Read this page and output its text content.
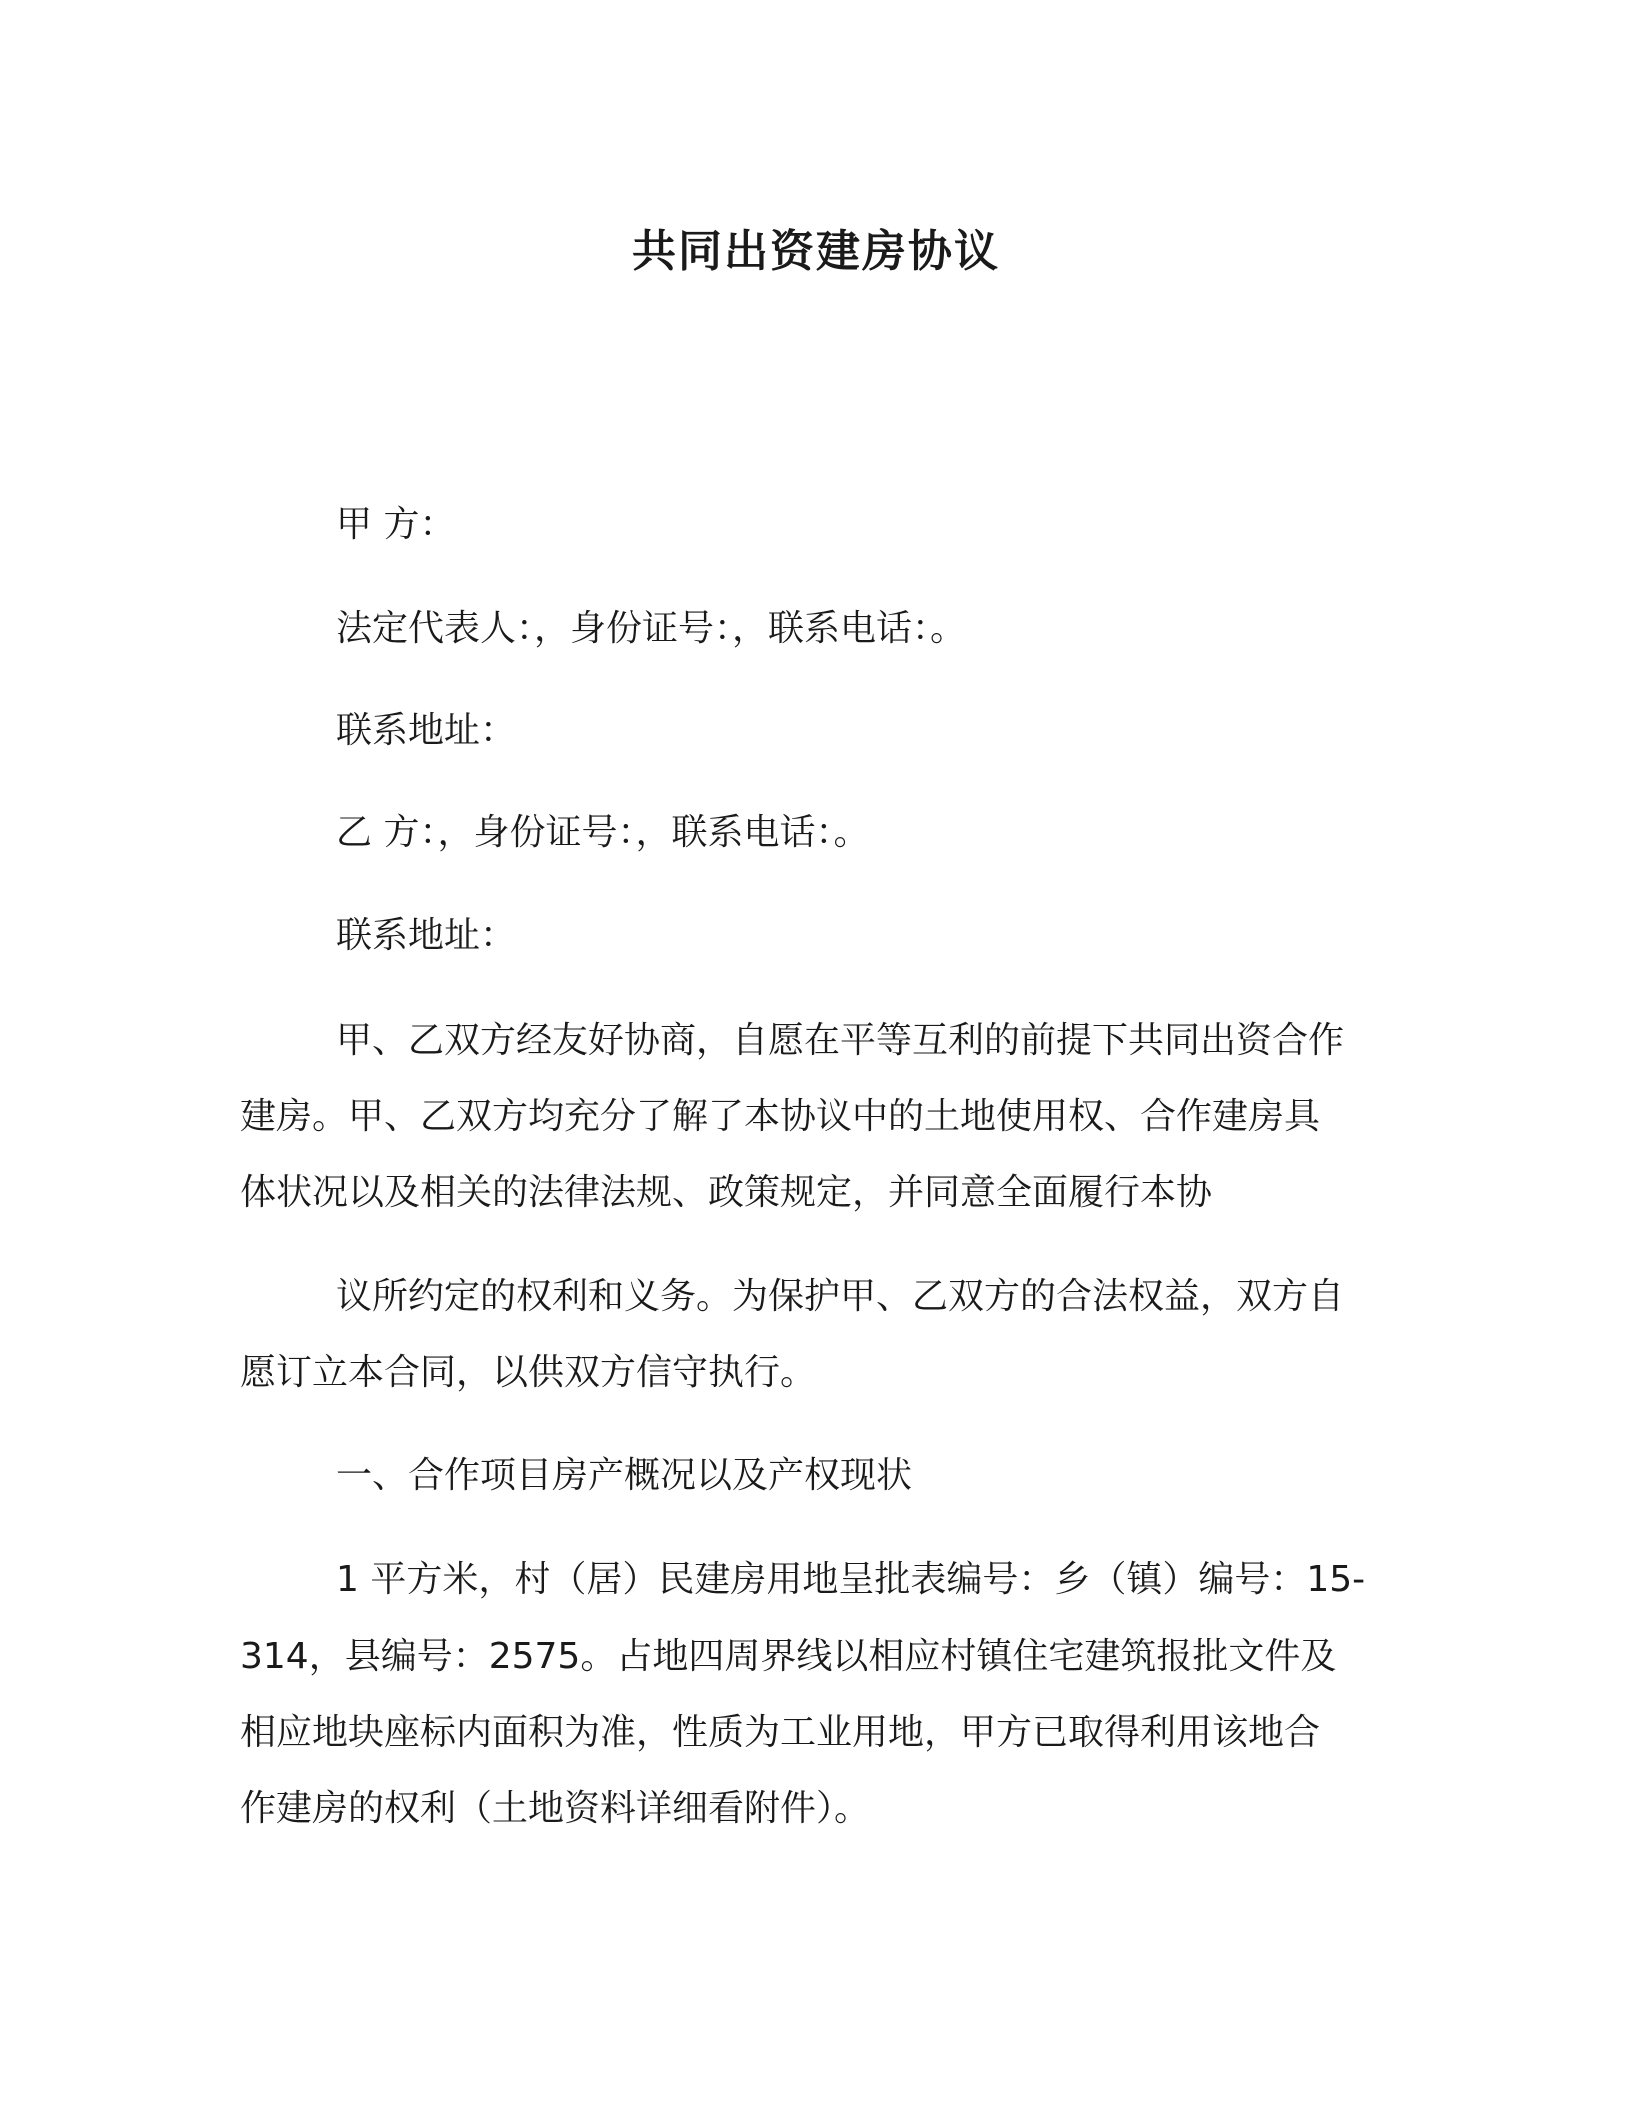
共同出资建房协议

甲 方：

法定代表人：，身份证号：，联系电话：。

联系地址：

乙 方：，身份证号：，联系电话：。

联系地址：

甲、乙双方经友好协商，自愿在平等互利的前提下共同出资合作

建房。甲、乙双方均充分了解了本协议中的土地使用权、合作建房具

体状况以及相关的法律法规、政策规定，并同意全面履行本协

议所约定的权利和义务。为保护甲、乙双方的合法权益，双方自

愿订立本合同，以供双方信守执行。

一、合作项目房产概况以及产权现状

1 平方米，村（居）民建房用地呈批表编号：乡（镇）编号：15-

314，县编号：2575。占地四周界线以相应村镇住宅建筑报批文件及

相应地块座标内面积为准，性质为工业用地，甲方已取得利用该地合

作建房的权利（土地资料详细看附件）。
